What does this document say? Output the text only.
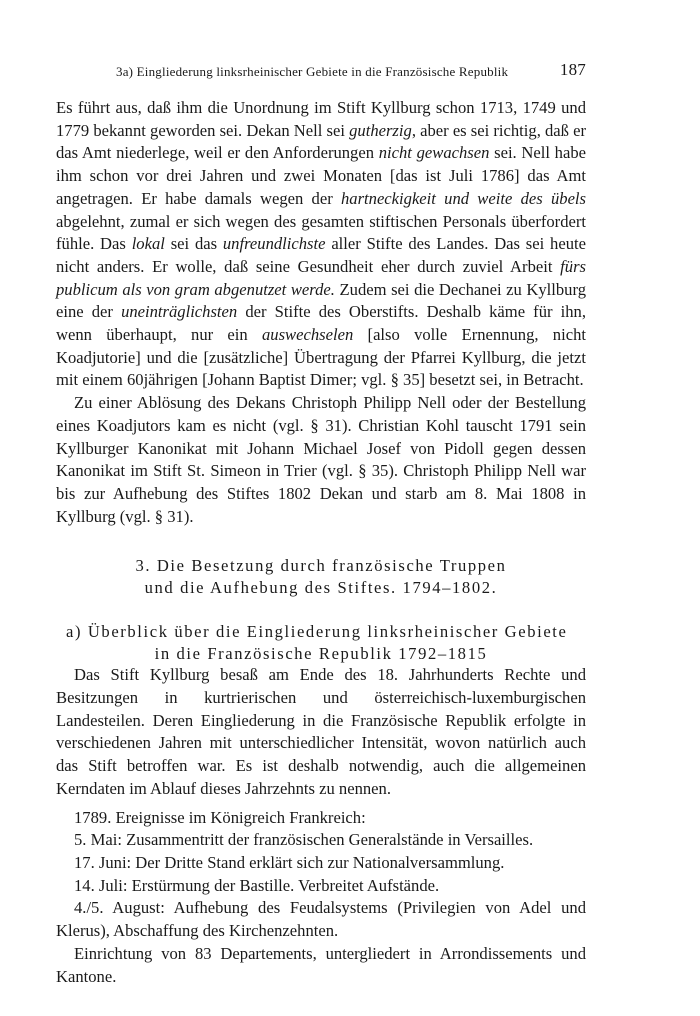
3a) Eingliederung linksrheinischer Gebiete in die Französische Republik	187

Es führt aus, daß ihm die Unordnung im Stift Kyllburg schon 1713, 1749 und 1779 bekannt geworden sei. Dekan Nell sei gutherzig, aber es sei richtig, daß er das Amt niederlege, weil er den Anforderungen nicht gewachsen sei. Nell habe ihm schon vor drei Jahren und zwei Monaten [das ist Juli 1786] das Amt angetragen. Er habe damals wegen der hartneckigkeit und weite des übels abgelehnt, zumal er sich wegen des gesamten stiftischen Personals überfordert fühle. Das lokal sei das unfreundlichste aller Stifte des Landes. Das sei heute nicht anders. Er wolle, daß seine Gesundheit eher durch zuviel Arbeit fürs publicum als von gram abgenutzet werde. Zudem sei die Dechanei zu Kyllburg eine der uneinträglichsten der Stifte des Oberstifts. Deshalb käme für ihn, wenn überhaupt, nur ein auswechselen [also volle Ernennung, nicht Koadjutorie] und die [zusätzliche] Übertragung der Pfarrei Kyllburg, die jetzt mit einem 60jährigen [Johann Baptist Dimer; vgl. § 35] besetzt sei, in Betracht.

Zu einer Ablösung des Dekans Christoph Philipp Nell oder der Bestellung eines Koadjutors kam es nicht (vgl. § 31). Christian Kohl tauscht 1791 sein Kyllburger Kanonikat mit Johann Michael Josef von Pidoll gegen dessen Kanonikat im Stift St. Simeon in Trier (vgl. § 35). Christoph Philipp Nell war bis zur Aufhebung des Stiftes 1802 Dekan und starb am 8. Mai 1808 in Kyllburg (vgl. § 31).

3. Die Besetzung durch französische Truppen
und die Aufhebung des Stiftes. 1794–1802.
a) Überblick über die Eingliederung linksrheinischer Gebiete
in die Französische Republik 1792–1815

Das Stift Kyllburg besaß am Ende des 18. Jahrhunderts Rechte und Besitzungen in kurtrierischen und österreichisch-luxemburgischen Landesteilen. Deren Eingliederung in die Französische Republik erfolgte in verschiedenen Jahren mit unterschiedlicher Intensität, wovon natürlich auch das Stift betroffen war. Es ist deshalb notwendig, auch die allgemeinen Kerndaten im Ablauf dieses Jahrzehnts zu nennen.

1789. Ereignisse im Königreich Frankreich:

5. Mai: Zusammentritt der französischen Generalstände in Versailles.

17. Juni: Der Dritte Stand erklärt sich zur Nationalversammlung.

14. Juli: Erstürmung der Bastille. Verbreitet Aufstände.

4./5. August: Aufhebung des Feudalsystems (Privilegien von Adel und Klerus), Abschaffung des Kirchenzehnten.

Einrichtung von 83 Departements, untergliedert in Arrondissements und Kantone.
